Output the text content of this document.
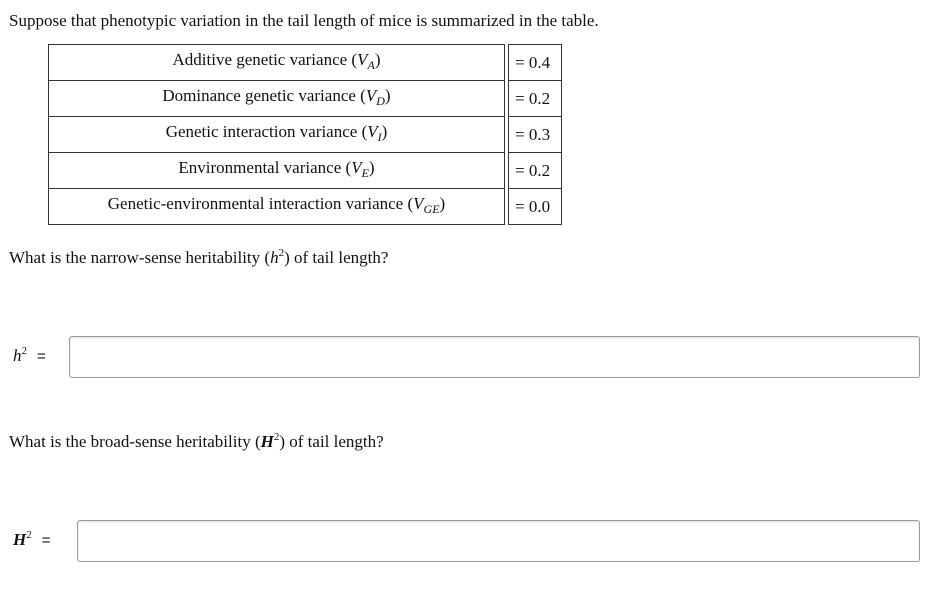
Suppose that phenotypic variation in the tail length of mice is summarized in the table.
Additive genetic variance $(V_A)$		= 0.4
Dominance genetic variance $(V_D)$		= 0.2
Genetic interaction variance $(V_I)$		= 0.3
Environmental variance $(V_E)$		= 0.2
Genetic-environmental interaction variance $(V_{GE})$		= 0.0
What is the narrow-sense heritability $(h^2)$ of tail length?
$h^2$ =
What is the broad-sense heritability $(H^2)$ of tail length?
$H^2$ =
